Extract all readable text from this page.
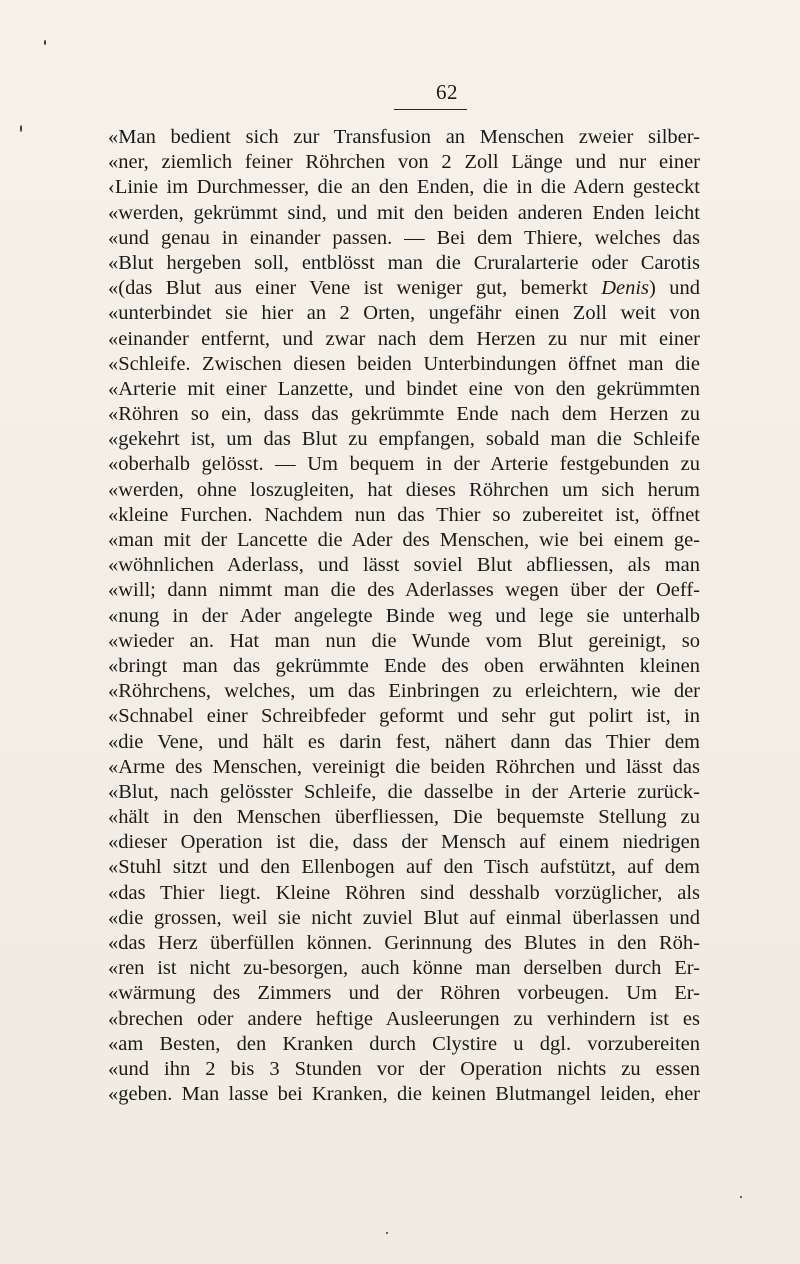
62
«Man bedient sich zur Transfusion an Menschen zweier silber-
«ner, ziemlich feiner Röhrchen von 2 Zoll Länge und nur einer
‹Linie im Durchmesser, die an den Enden, die in die Adern gesteckt
«werden, gekrümmt sind, und mit den beiden anderen Enden leicht
«und genau in einander passen. — Bei dem Thiere, welches das
«Blut hergeben soll, entblösst man die Cruralarterie oder Carotis
«(das Blut aus einer Vene ist weniger gut, bemerkt Denis) und
«unterbindet sie hier an 2 Orten, ungefähr einen Zoll weit von
«einander entfernt, und zwar nach dem Herzen zu nur mit einer
«Schleife. Zwischen diesen beiden Unterbindungen öffnet man die
«Arterie mit einer Lanzette, und bindet eine von den gekrümmten
«Röhren so ein, dass das gekrümmte Ende nach dem Herzen zu
«gekehrt ist, um das Blut zu empfangen, sobald man die Schleife
«oberhalb gelösst. — Um bequem in der Arterie festgebunden zu
«werden, ohne loszugleiten, hat dieses Röhrchen um sich herum
«kleine Furchen. Nachdem nun das Thier so zubereitet ist, öffnet
«man mit der Lancette die Ader des Menschen, wie bei einem ge-
«wöhnlichen Aderlass, und lässt soviel Blut abfliessen, als man
«will; dann nimmt man die des Aderlasses wegen über der Oeff-
«nung in der Ader angelegte Binde weg und lege sie unterhalb
«wieder an. Hat man nun die Wunde vom Blut gereinigt, so
«bringt man das gekrümmte Ende des oben erwähnten kleinen
«Röhrchens, welches, um das Einbringen zu erleichtern, wie der
«Schnabel einer Schreibfeder geformt und sehr gut polirt ist, in
«die Vene, und hält es darin fest, nähert dann das Thier dem
«Arme des Menschen, vereinigt die beiden Röhrchen und lässt das
«Blut, nach gelösster Schleife, die dasselbe in der Arterie zurück-
«hält in den Menschen überfliessen, Die bequemste Stellung zu
«dieser Operation ist die, dass der Mensch auf einem niedrigen
«Stuhl sitzt und den Ellenbogen auf den Tisch aufstützt, auf dem
«das Thier liegt. Kleine Röhren sind desshalb vorzüglicher, als
«die grossen, weil sie nicht zuviel Blut auf einmal überlassen und
«das Herz überfüllen können. Gerinnung des Blutes in den Röh-
«ren ist nicht zu-besorgen, auch könne man derselben durch Er-
«wärmung des Zimmers und der Röhren vorbeugen. Um Er-
«brechen oder andere heftige Ausleerungen zu verhindern ist es
«am Besten, den Kranken durch Clystire u dgl. vorzubereiten
«und ihn 2 bis 3 Stunden vor der Operation nichts zu essen
«geben. Man lasse bei Kranken, die keinen Blutmangel leiden, eher
